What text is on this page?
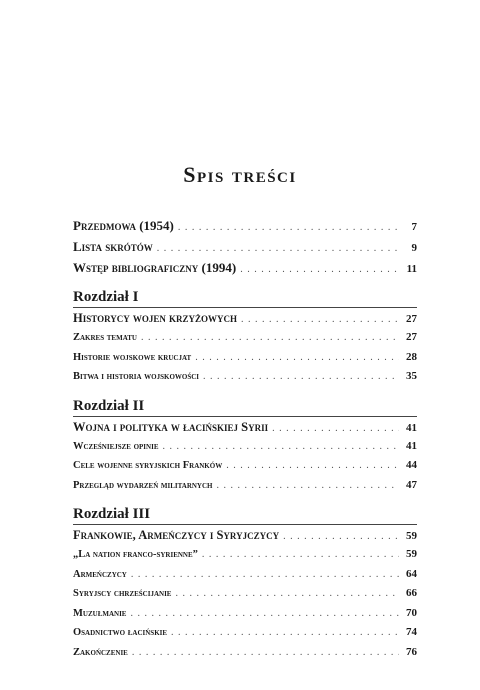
Spis treści
Przedmowa (1954) . . .	7
Lista skrótów . . .	9
Wstęp bibliograficzny (1994) . . .	11
Rozdział I
Historycy wojen krzyżowych . . .	27
Zakres tematu . . .	27
Historie wojskowe krucjat . . .	28
Bitwa i historia wojskowości . . .	35
Rozdział II
Wojna i polityka w łacińskiej Syrii . . .	41
Wcześniejsze opinie . . .	41
Cele wojenne syryjskich Franków . . .	44
Przegląd wydarzeń militarnych . . .	47
Rozdział III
Frankowie, Armeńczycy i Syryjczycy . . .	59
„La nation franco-syrienne” . . .	59
Armeńczycy . . .	64
Syryjscy chrześcijanie . . .	66
Muzułmanie . . .	70
Osadnictwo łacińskie . . .	74
Zakończenie . . .	76
